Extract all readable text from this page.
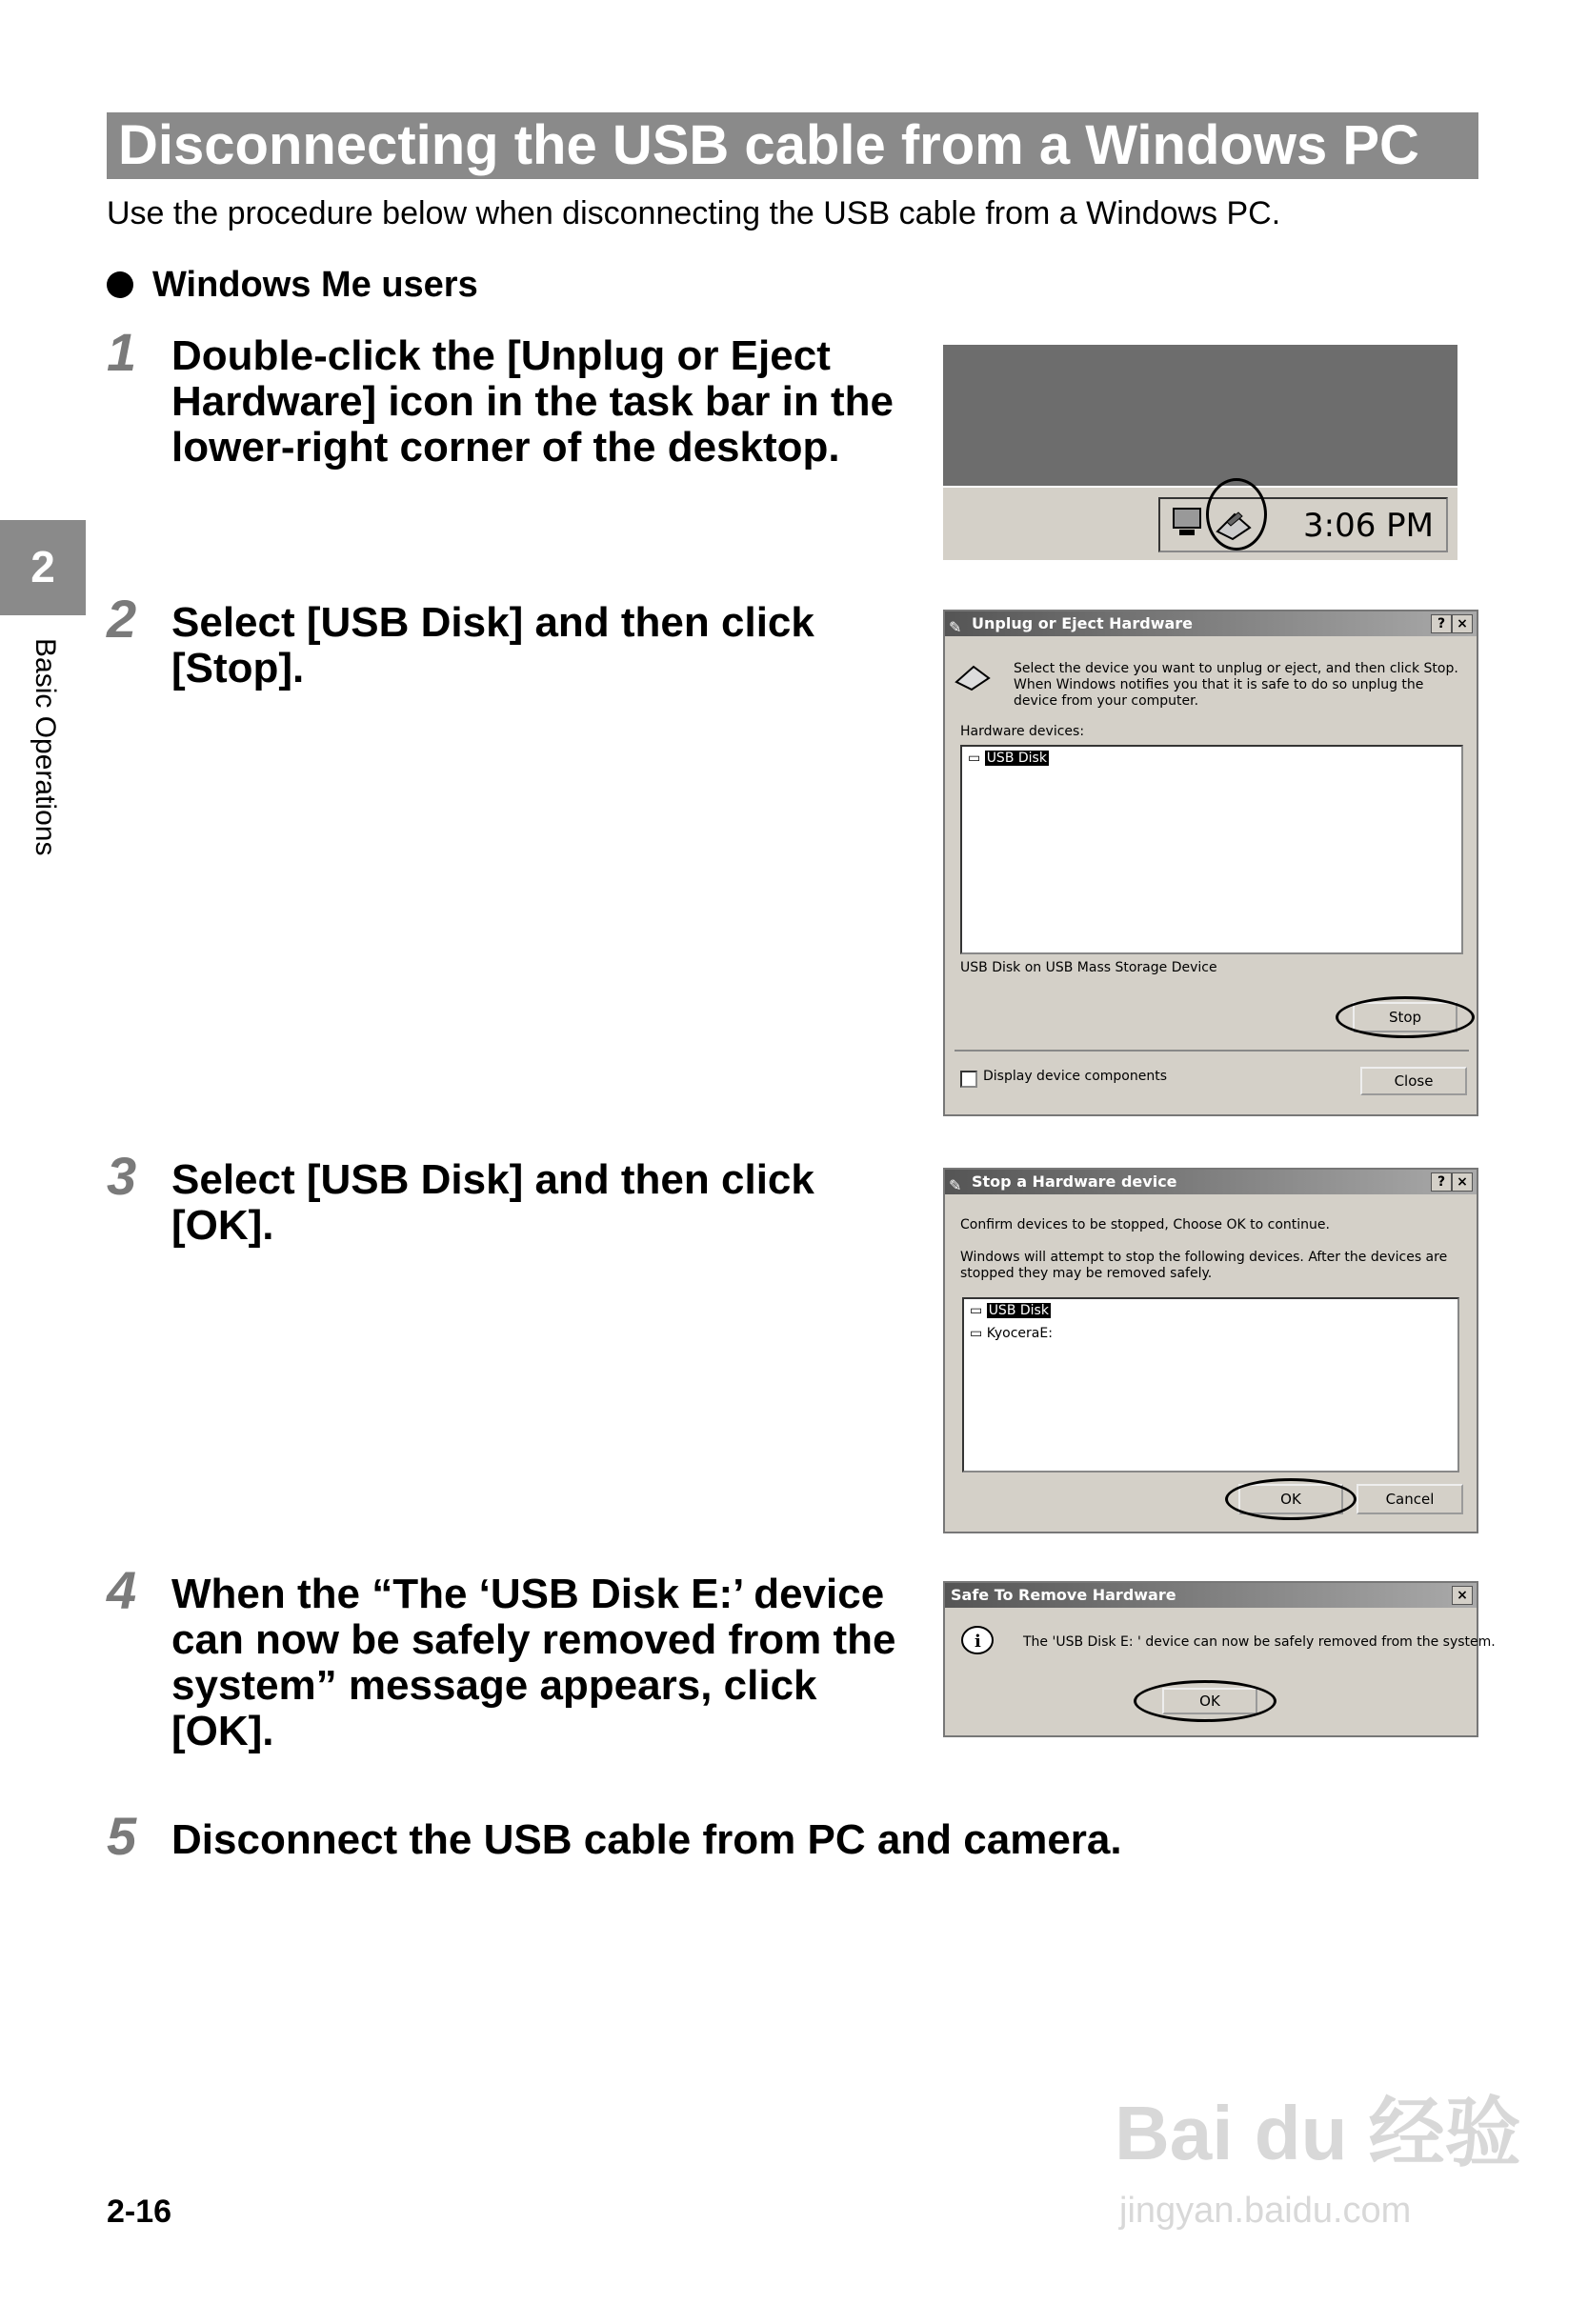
Disconnecting the USB cable from a Windows PC
Use the procedure below when disconnecting the USB cable from a Windows PC.
Windows Me users
2
Basic Operations
1 Double-click the [Unplug or Eject Hardware] icon in the task bar in the lower-right corner of the desktop.
2 Select [USB Disk] and then click [Stop].
3 Select [USB Disk] and then click [OK].
4 When the “The ‘USB Disk E:’ device can now be safely removed from the system” message appears, click [OK].
5 Disconnect the USB cable from PC and camera.
3:06 PM
✎ Unplug or Eject Hardware	? ×
Select the device you want to unplug or eject, and then click Stop. When Windows notifies you that it is safe to do so unplug the device from your computer.
Hardware devices:
▭ USB Disk
USB Disk on USB Mass Storage Device
Stop
Display device components	Close
✎ Stop a Hardware device	? ×
Confirm devices to be stopped, Choose OK to continue.
Windows will attempt to stop the following devices. After the devices are stopped they may be removed safely.
▭ USB Disk
▭ KyoceraE:
OK	Cancel
Safe To Remove Hardware	×
i	The 'USB Disk E: ' device can now be safely removed from the system.
OK
2-16
Bai du 经验
jingyan.baidu.com
